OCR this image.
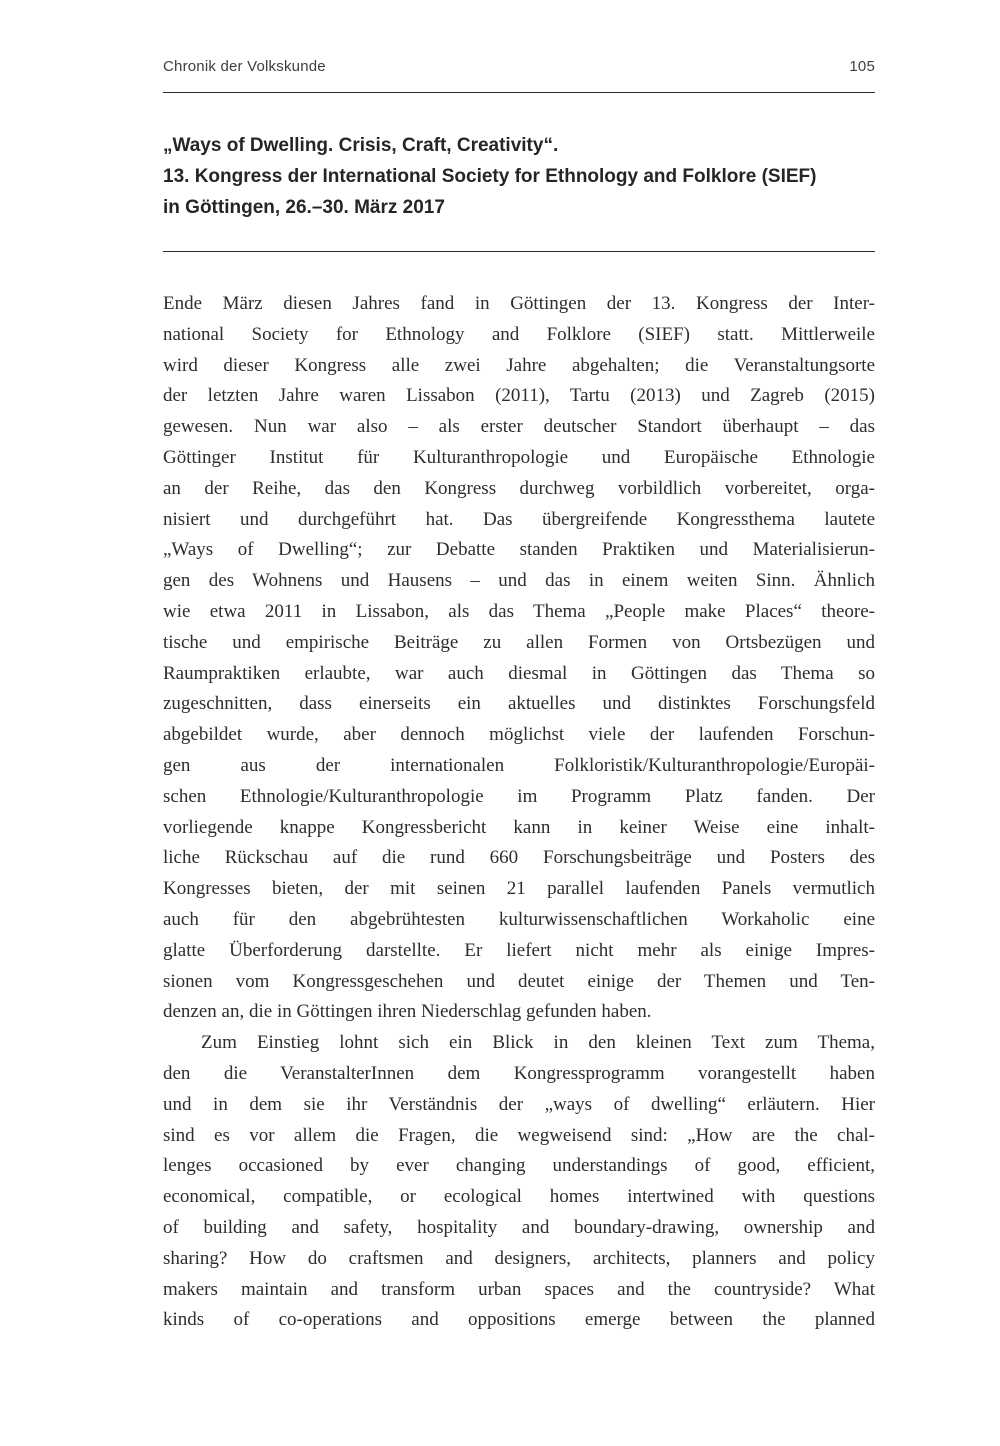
Chronik der Volkskunde	105
„Ways of Dwelling. Crisis, Craft, Creativity“.
13. Kongress der International Society for Ethnology and Folklore (SIEF)
in Göttingen, 26.–30. März 2017
Ende März diesen Jahres fand in Göttingen der 13. Kongress der Inter-
national Society for Ethnology and Folklore (SIEF) statt. Mittlerweile
wird dieser Kongress alle zwei Jahre abgehalten; die Veranstaltungsorte
der letzten Jahre waren Lissabon (2011), Tartu (2013) und Zagreb (2015)
gewesen. Nun war also – als erster deutscher Standort überhaupt – das
Göttinger Institut für Kulturanthropologie und Europäische Ethnologie
an der Reihe, das den Kongress durchweg vorbildlich vorbereitet, orga-
nisiert und durchgeführt hat. Das übergreifende Kongressthema lautete
„Ways of Dwelling“; zur Debatte standen Praktiken und Materialisierun-
gen des Wohnens und Hausens – und das in einem weiten Sinn. Ähnlich
wie etwa 2011 in Lissabon, als das Thema „People make Places“ theore-
tische und empirische Beiträge zu allen Formen von Ortsbezügen und
Raumpraktiken erlaubte, war auch diesmal in Göttingen das Thema so
zugeschnitten, dass einerseits ein aktuelles und distinktes Forschungsfeld
abgebildet wurde, aber dennoch möglichst viele der laufenden Forschun-
gen aus der internationalen Folkloristik/Kulturanthropologie/Europäi-
schen Ethnologie/Kulturanthropologie im Programm Platz fanden. Der
vorliegende knappe Kongressbericht kann in keiner Weise eine inhalt-
liche Rückschau auf die rund 660 Forschungsbeiträge und Posters des
Kongresses bieten, der mit seinen 21 parallel laufenden Panels vermutlich
auch für den abgebrühtesten kulturwissenschaftlichen Workaholic eine
glatte Überforderung darstellte. Er liefert nicht mehr als einige Impres-
sionen vom Kongressgeschehen und deutet einige der Themen und Ten-
denzen an, die in Göttingen ihren Niederschlag gefunden haben.
Zum Einstieg lohnt sich ein Blick in den kleinen Text zum Thema,
den die VeranstalterInnen dem Kongressprogramm vorangestellt haben
und in dem sie ihr Verständnis der „ways of dwelling“ erläutern. Hier
sind es vor allem die Fragen, die wegweisend sind: „How are the chal-
lenges occasioned by ever changing understandings of good, efficient,
economical, compatible, or ecological homes intertwined with questions
of building and safety, hospitality and boundary-drawing, ownership and
sharing? How do craftsmen and designers, architects, planners and policy
makers maintain and transform urban spaces and the countryside? What
kinds of co-operations and oppositions emerge between the planned
